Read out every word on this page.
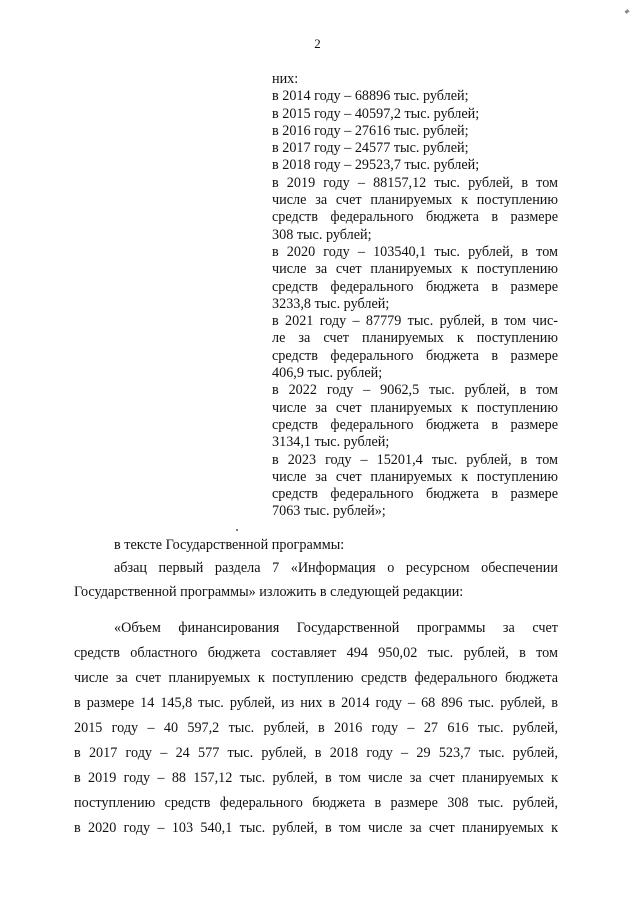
2
них:
в 2014 году – 68896 тыс. рублей;
в 2015 году – 40597,2 тыс. рублей;
в 2016 году – 27616 тыс. рублей;
в 2017 году – 24577 тыс. рублей;
в 2018 году – 29523,7 тыс. рублей;
в 2019 году – 88157,12 тыс. рублей, в том
числе за счет планируемых к поступлению
средств федерального бюджета в размере
308 тыс. рублей;
в 2020 году – 103540,1 тыс. рублей, в том
числе за счет планируемых к поступлению
средств федерального бюджета в размере
3233,8 тыс. рублей;
в 2021 году – 87779 тыс. рублей, в том чис-
ле за счет планируемых к поступлению
средств федерального бюджета в размере
406,9 тыс. рублей;
в 2022 году – 9062,5 тыс. рублей, в том
числе за счет планируемых к поступлению
средств федерального бюджета в размере
3134,1 тыс. рублей;
в 2023 году – 15201,4 тыс. рублей, в том
числе за счет планируемых к поступлению
средств федерального бюджета в размере
7063 тыс. рублей»;
в тексте Государственной программы:
абзац первый раздела 7 «Информация о ресурсном обеспечении
Государственной программы» изложить в следующей редакции:
«Объем финансирования Государственной программы за счет
средств областного бюджета составляет 494 950,02 тыс. рублей, в том
числе за счет планируемых к поступлению средств федерального бюджета
в размере 14 145,8 тыс. рублей, из них в 2014 году – 68 896 тыс. рублей, в
2015 году – 40 597,2 тыс. рублей, в 2016 году – 27 616 тыс. рублей,
в 2017 году – 24 577 тыс. рублей, в 2018 году – 29 523,7 тыс. рублей,
в 2019 году – 88 157,12 тыс. рублей, в том числе за счет планируемых к
поступлению средств федерального бюджета в размере 308 тыс. рублей,
в 2020 году – 103 540,1 тыс. рублей, в том числе за счет планируемых к
